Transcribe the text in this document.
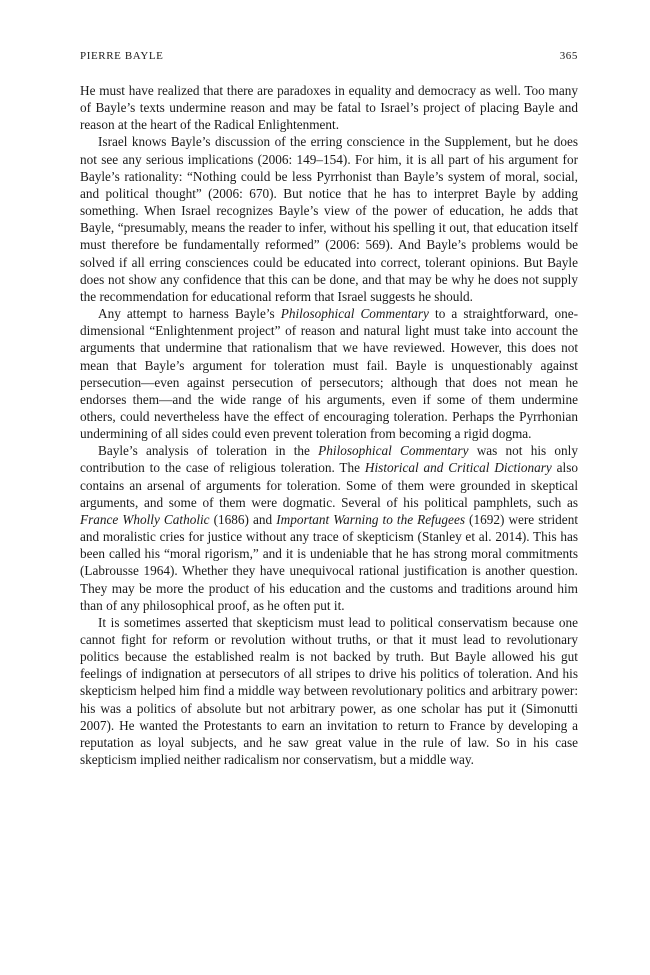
PIERRE BAYLE	365

He must have realized that there are paradoxes in equality and democracy as well. Too many of Bayle’s texts undermine reason and may be fatal to Israel’s project of placing Bayle and reason at the heart of the Radical Enlightenment.

Israel knows Bayle’s discussion of the erring conscience in the Supplement, but he does not see any serious implications (2006: 149–154). For him, it is all part of his argument for Bayle’s rationality: “Nothing could be less Pyrrhonist than Bayle’s system of moral, social, and political thought” (2006: 670). But notice that he has to interpret Bayle by adding something. When Israel recognizes Bayle’s view of the power of education, he adds that Bayle, “presumably, means the reader to infer, without his spelling it out, that education itself must therefore be fundamentally reformed” (2006: 569). And Bayle’s problems would be solved if all erring consciences could be educated into correct, tolerant opinions. But Bayle does not show any confidence that this can be done, and that may be why he does not supply the recommendation for educational reform that Israel suggests he should.

Any attempt to harness Bayle’s Philosophical Commentary to a straightforward, one-dimensional “Enlightenment project” of reason and natural light must take into account the arguments that undermine that rationalism that we have reviewed. However, this does not mean that Bayle’s argument for toleration must fail. Bayle is unquestionably against persecution—even against persecution of persecutors; although that does not mean he endorses them—and the wide range of his arguments, even if some of them undermine others, could nevertheless have the effect of encouraging toleration. Perhaps the Pyrrhonian undermining of all sides could even prevent toleration from becoming a rigid dogma.

Bayle’s analysis of toleration in the Philosophical Commentary was not his only contribution to the case of religious toleration. The Historical and Critical Dictionary also contains an arsenal of arguments for toleration. Some of them were grounded in skeptical arguments, and some of them were dogmatic. Several of his political pamphlets, such as France Wholly Catholic (1686) and Important Warning to the Refugees (1692) were strident and moralistic cries for justice without any trace of skepticism (Stanley et al. 2014). This has been called his “moral rigorism,” and it is undeniable that he has strong moral commitments (Labrousse 1964). Whether they have unequivocal rational justification is another question. They may be more the product of his education and the customs and traditions around him than of any philosophical proof, as he often put it.

It is sometimes asserted that skepticism must lead to political conservatism because one cannot fight for reform or revolution without truths, or that it must lead to revolutionary politics because the established realm is not backed by truth. But Bayle allowed his gut feelings of indignation at persecutors of all stripes to drive his politics of toleration. And his skepticism helped him find a middle way between revolutionary politics and arbitrary power: his was a politics of absolute but not arbitrary power, as one scholar has put it (Simonutti 2007). He wanted the Protestants to earn an invitation to return to France by developing a reputation as loyal subjects, and he saw great value in the rule of law. So in his case skepticism implied neither radicalism nor conservatism, but a middle way.
